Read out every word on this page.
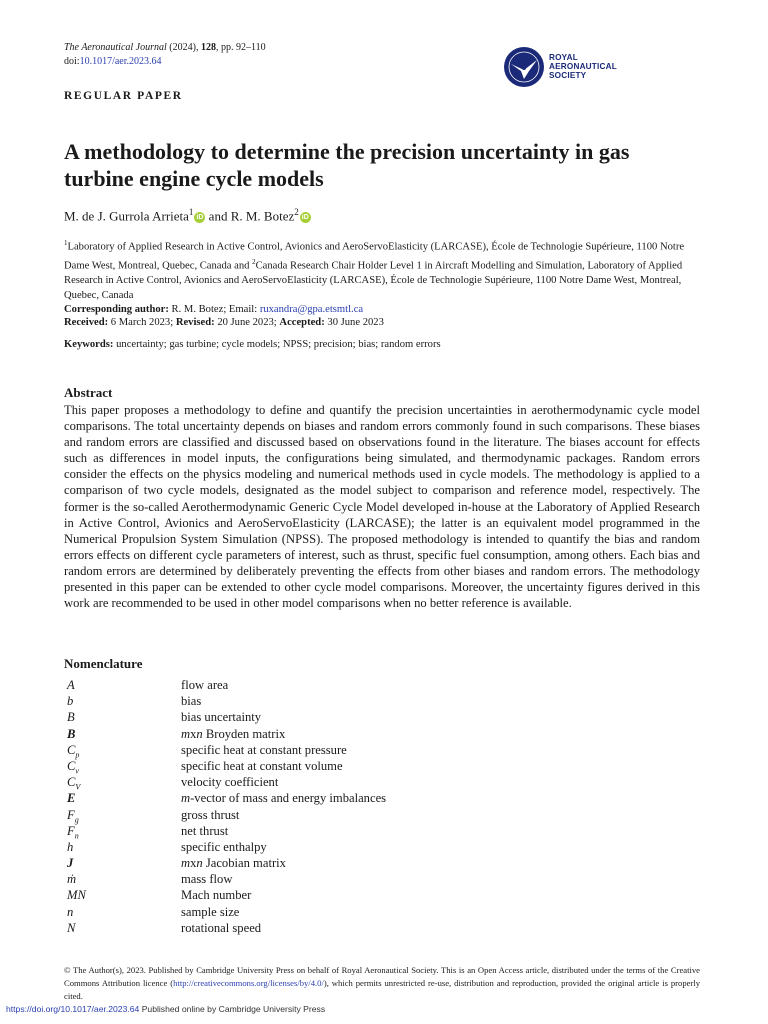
The Aeronautical Journal (2024), 128, pp. 92–110
doi:10.1017/aer.2023.64	ROYAL
AERONAUTICAL
SOCIETY
REGULAR PAPER
A methodology to determine the precision uncertainty in gas turbine engine cycle models
M. de J. Gurrola Arrieta$^1$iD and R. M. Botez$^2$iD
$^1$Laboratory of Applied Research in Active Control, Avionics and AeroServoElasticity (LARCASE), École de Technologie Supérieure, 1100 Notre Dame West, Montreal, Quebec, Canada and $^2$Canada Research Chair Holder Level 1 in Aircraft Modelling and Simulation, Laboratory of Applied Research in Active Control, Avionics and AeroServoElasticity (LARCASE), École de Technologie Supérieure, 1100 Notre Dame West, Montreal, Quebec, Canada
Corresponding author: R. M. Botez; Email: ruxandra@gpa.etsmtl.ca
Received: 6 March 2023; Revised: 20 June 2023; Accepted: 30 June 2023
Keywords: uncertainty; gas turbine; cycle models; NPSS; precision; bias; random errors
Abstract
This paper proposes a methodology to define and quantify the precision uncertainties in aerothermodynamic cycle model comparisons. The total uncertainty depends on biases and random errors commonly found in such comparisons. These biases and random errors are classified and discussed based on observations found in the literature. The biases account for effects such as differences in model inputs, the configurations being simulated, and thermodynamic packages. Random errors consider the effects on the physics modeling and numerical methods used in cycle models. The methodology is applied to a comparison of two cycle models, designated as the model subject to comparison and reference model, respectively. The former is the so-called Aerothermodynamic Generic Cycle Model developed in-house at the Laboratory of Applied Research in Active Control, Avionics and AeroServoElasticity (LARCASE); the latter is an equivalent model programmed in the Numerical Propulsion System Simulation (NPSS). The proposed methodology is intended to quantify the bias and random errors effects on different cycle parameters of interest, such as thrust, specific fuel consumption, among others. Each bias and random errors are determined by deliberately preventing the effects from other biases and random errors. The methodology presented in this paper can be extended to other cycle model comparisons. Moreover, the uncertainty figures derived in this work are recommended to be used in other model comparisons when no better reference is available.
Nomenclature
A	flow area
b	bias
B	bias uncertainty
B	mxn Broyden matrix
$C_p$	specific heat at constant pressure
$C_v$	specific heat at constant volume
$C_V$	velocity coefficient
E	m-vector of mass and energy imbalances
$F_g$	gross thrust
$F_n$	net thrust
h	specific enthalpy
J	mxn Jacobian matrix
ṁ	mass flow
MN	Mach number
n	sample size
N	rotational speed
© The Author(s), 2023. Published by Cambridge University Press on behalf of Royal Aeronautical Society. This is an Open Access article, distributed under the terms of the Creative Commons Attribution licence (http://creativecommons.org/licenses/by/4.0/), which permits unrestricted re-use, distribution and reproduction, provided the original article is properly cited.
https://doi.org/10.1017/aer.2023.64 Published online by Cambridge University Press
